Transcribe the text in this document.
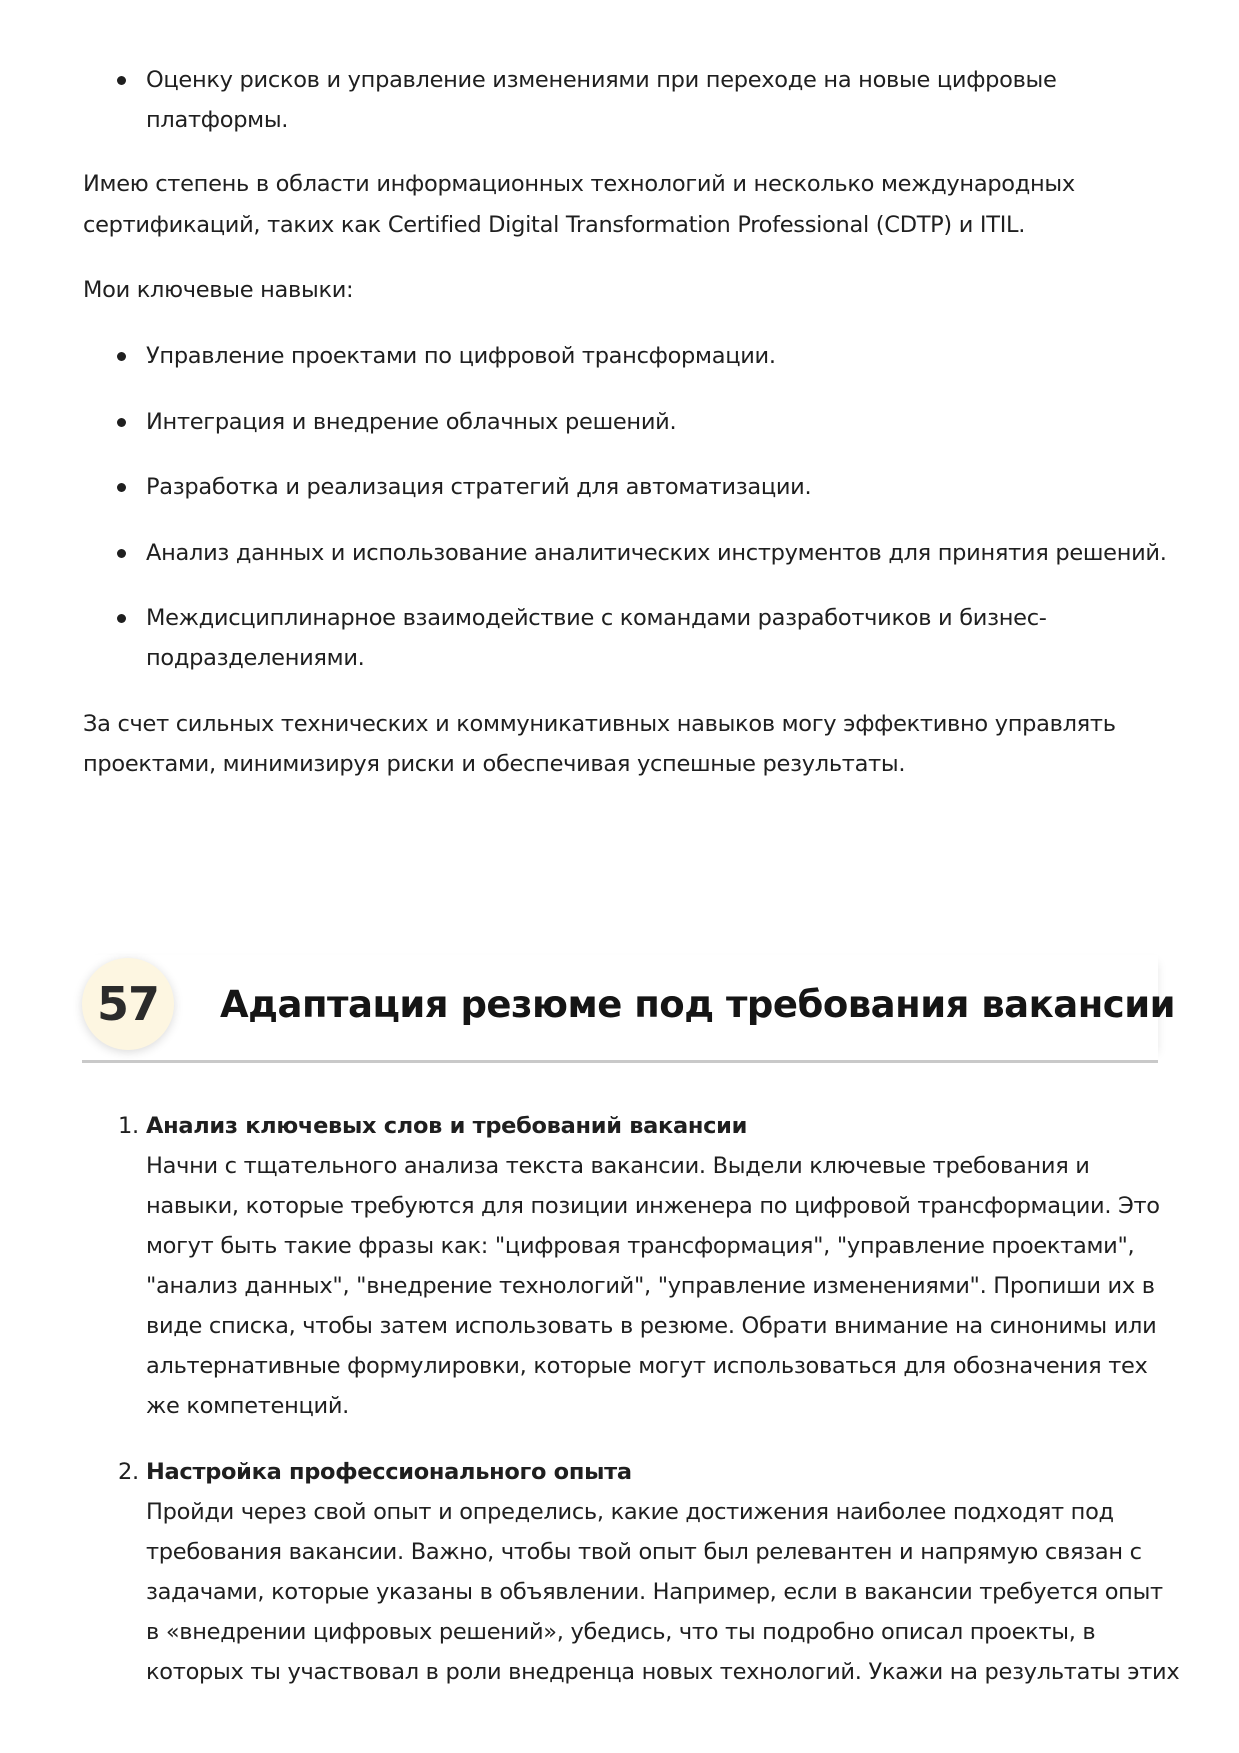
Оценку рисков и управление изменениями при переходе на новые цифровые

платформы.

Имею степень в области информационных технологий и несколько международных

сертификаций, таких как Certified Digital Transformation Professional (CDTP) и ITIL.

Мои ключевые навыки:

Управление проектами по цифровой трансформации.

Интеграция и внедрение облачных решений.

Разработка и реализация стратегий для автоматизации.

Анализ данных и использование аналитических инструментов для принятия решений.

Междисциплинарное взаимодействие с командами разработчиков и бизнес-

подразделениями.

За счет сильных технических и коммуникативных навыков могу эффективно управлять

проектами, минимизируя риски и обеспечивая успешные результаты.

57	Адаптация резюме под требования вакансии
1. Анализ ключевых слов и требований вакансии

Начни с тщательного анализа текста вакансии. Выдели ключевые требования и

навыки, которые требуются для позиции инженера по цифровой трансформации. Это

могут быть такие фразы как: "цифровая трансформация", "управление проектами",

"анализ данных", "внедрение технологий", "управление изменениями". Пропиши их в

виде списка, чтобы затем использовать в резюме. Обрати внимание на синонимы или

альтернативные формулировки, которые могут использоваться для обозначения тех

же компетенций.

2. Настройка профессионального опыта

Пройди через свой опыт и определись, какие достижения наиболее подходят под

требования вакансии. Важно, чтобы твой опыт был релевантен и напрямую связан с

задачами, которые указаны в объявлении. Например, если в вакансии требуется опыт

в «внедрении цифровых решений», убедись, что ты подробно описал проекты, в

которых ты участвовал в роли внедренца новых технологий. Укажи на результаты этих
